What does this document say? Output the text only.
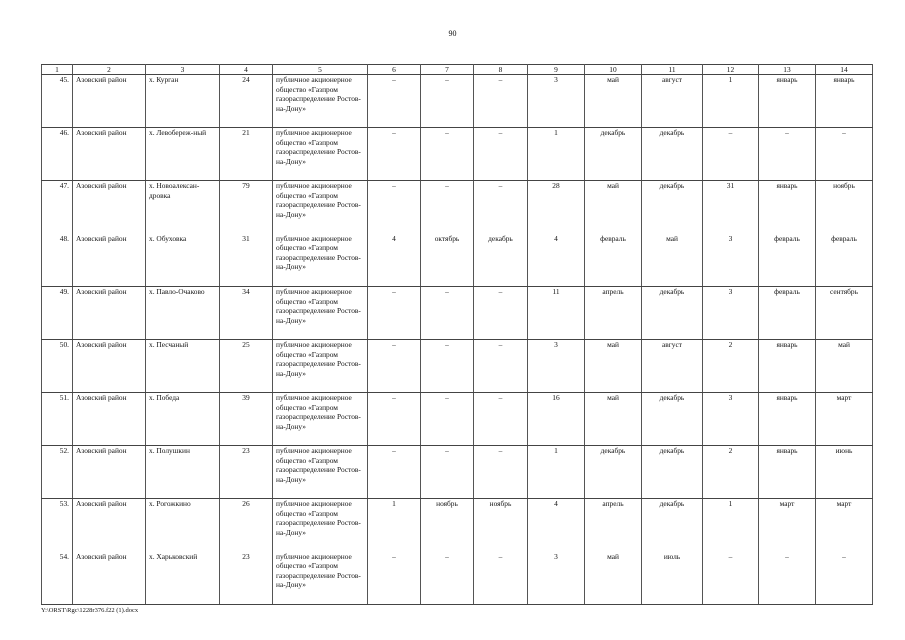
90
1	2	3	4	5	6	7	8	9	10	11	12	13	14
45.	Азовский район	х. Курган	24	публичное акционерное общество «Газпром газораспределение Ростов-на-Дону»	–	–	–	3	май	август	1	январь	январь
46.	Азовский район	х. Левобереж-ный	21	публичное акционерное общество «Газпром газораспределение Ростов-на-Дону»	–	–	–	1	декабрь	декабрь	–	–	–
47.	Азовский район	х. Новоалексан-дровка	79	публичное акционерное общество «Газпром газораспределение Ростов-на-Дону»	–	–	–	28	май	декабрь	31	январь	ноябрь
48.	Азовский район	х. Обуховка	31	публичное акционерное общество «Газпром газораспределение Ростов-на-Дону»	4	октябрь	декабрь	4	февраль	май	3	февраль	февраль
49.	Азовский район	х. Павло-Очаково	34	публичное акционерное общество «Газпром газораспределение Ростов-на-Дону»	–	–	–	11	апрель	декабрь	3	февраль	сентябрь
50.	Азовский район	х. Песчаный	25	публичное акционерное общество «Газпром газораспределение Ростов-на-Дону»	–	–	–	3	май	август	2	январь	май
51.	Азовский район	х. Победа	39	публичное акционерное общество «Газпром газораспределение Ростов-на-Дону»	–	–	–	16	май	декабрь	3	январь	март
52.	Азовский район	х. Полушкин	23	публичное акционерное общество «Газпром газораспределение Ростов-на-Дону»	–	–	–	1	декабрь	декабрь	2	январь	июнь
53.	Азовский район	х. Рогожкино	26	публичное акционерное общество «Газпром газораспределение Ростов-на-Дону»	1	ноябрь	ноябрь	4	апрель	декабрь	1	март	март
54.	Азовский район	х. Харьковский	23	публичное акционерное общество «Газпром газораспределение Ростов-на-Дону»	–	–	–	3	май	июль	–	–	–
Y:\ORST\Rgc\1228r376.f22 (1).docx
